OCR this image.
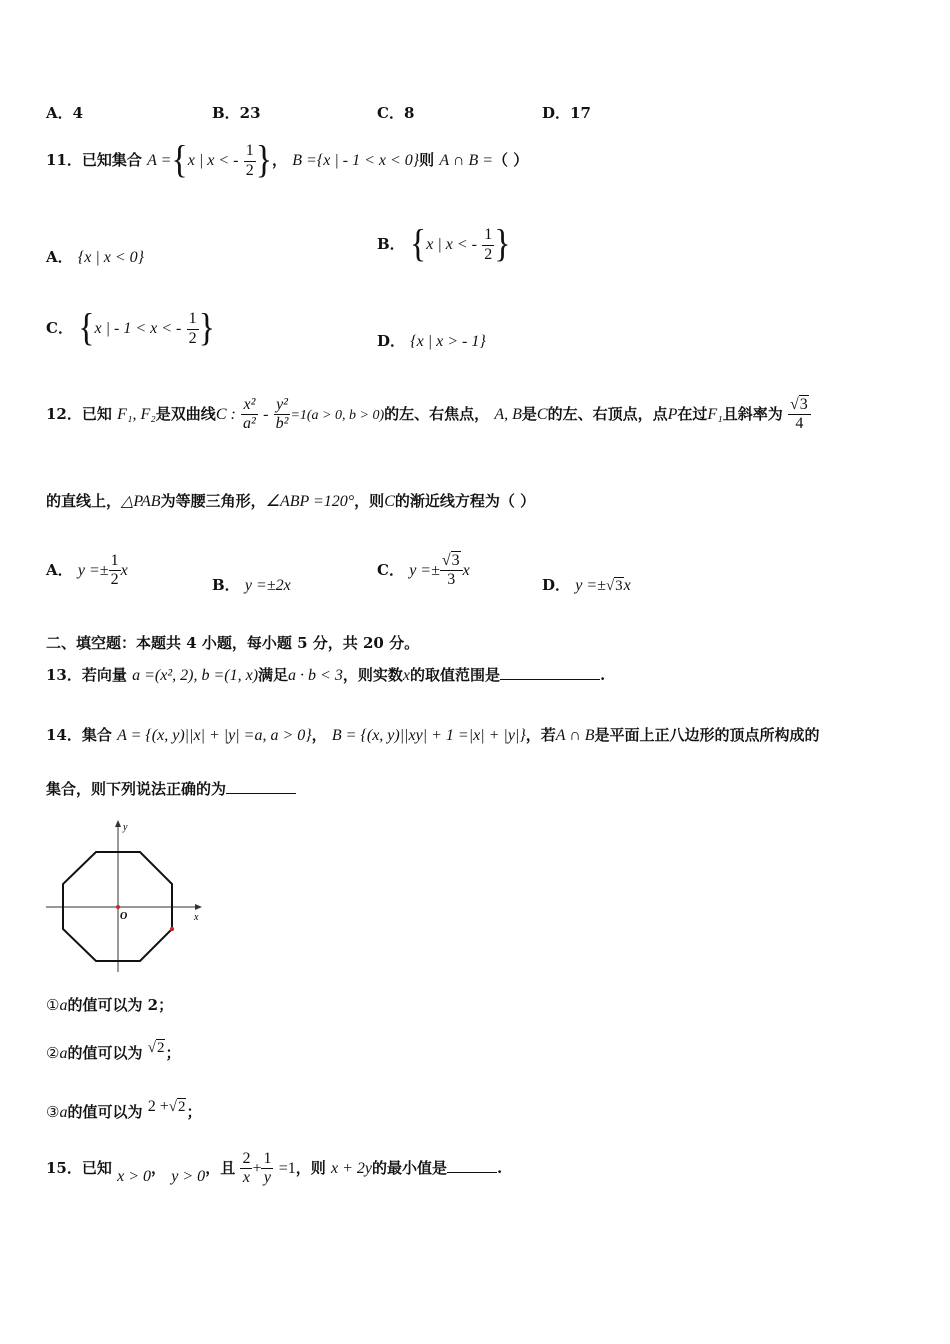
A．4	B．23	C．8	D．17
11．已知集合 A ={x | x < - $\frac{1}{2}$ }， B ={x | - 1 < x < 0}则 A ∩ B =（ ）
A． {x | x < 0}
B． {x | x < - $\frac{1}{2}$ }
C． {x | - 1 < x < - $\frac{1}{2}$ }	D． {x | x > - 1}
12．已知 F₁, F₂是双曲线C : $\frac{\text{x²}}{\text{a²}} - \frac{\text{y²}}{\text{b²}} =1(a > 0$, b > 0)的左、右焦点， A, B是C的左、右顶点，点P在过F₁且斜率为 $\frac{√3}{4}$
的直线上，△PAB为等腰三角形，∠ABP =120°，则C的渐近线方程为（ ）
A． $y =\pm \frac{1}{2}$ x
B． y =±2x
C． $y =\pm \frac{√3}{3}$ x
D． y =±√3x
二、填空题：本题共 4 小题，每小题 5 分，共 20 分。
13．若向量 a =(x², 2), b =(1, x)满足a · b < 3，则实数x的取值范围是	.
14．集合 A = {(x, y)||x| + |y| =a, a > 0}， B = {(x, y)||xy| + 1 =|x| + |y|}，若A ∩ B是平面上正八边形的顶点所构成的
集合，则下列说法正确的为
y
x
O
①a的值可以为 2；
②a的值可以为 √2；
③a的值可以为 2 +√2；
15．已知 x > 0， y > 0，且 $\frac{2}{x} + \frac{1}{y} =1$，则 x + 2y的最小值是	.
